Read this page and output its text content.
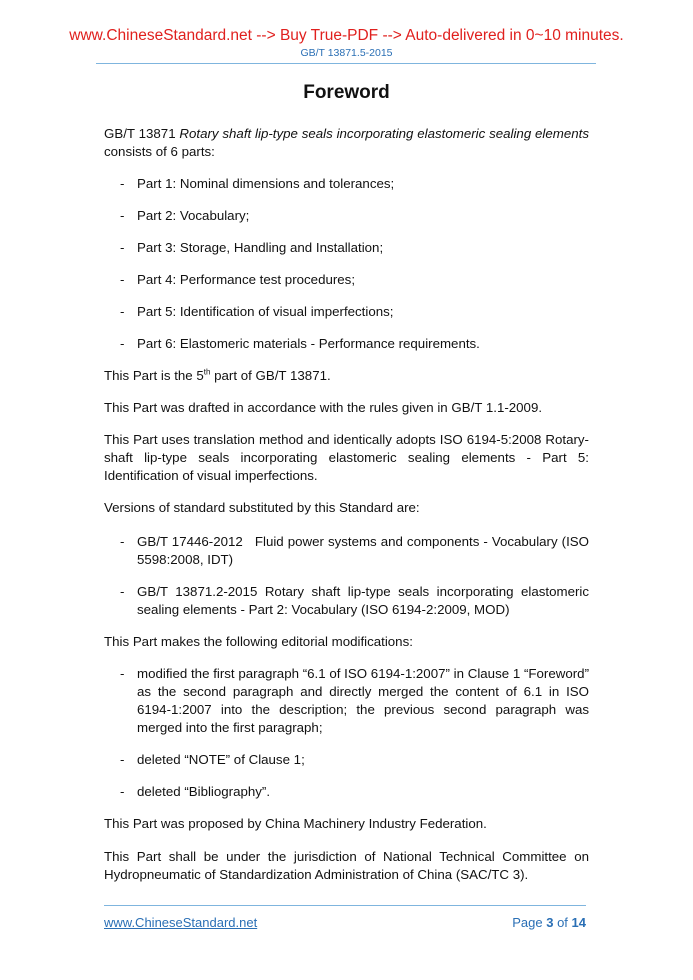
www.ChineseStandard.net --> Buy True-PDF --> Auto-delivered in 0~10 minutes.
GB/T 13871.5-2015
Foreword
GB/T 13871 Rotary shaft lip-type seals incorporating elastomeric sealing elements consists of 6 parts:
- Part 1: Nominal dimensions and tolerances;
- Part 2: Vocabulary;
- Part 3: Storage, Handling and Installation;
- Part 4: Performance test procedures;
- Part 5: Identification of visual imperfections;
- Part 6: Elastomeric materials - Performance requirements.
This Part is the 5th part of GB/T 13871.
This Part was drafted in accordance with the rules given in GB/T 1.1-2009.
This Part uses translation method and identically adopts ISO 6194-5:2008 Rotary-shaft lip-type seals incorporating elastomeric sealing elements - Part 5: Identification of visual imperfections.
Versions of standard substituted by this Standard are:
- GB/T 17446-2012   Fluid power systems and components - Vocabulary (ISO 5598:2008, IDT)
- GB/T 13871.2-2015 Rotary shaft lip-type seals incorporating elastomeric sealing elements - Part 2: Vocabulary (ISO 6194-2:2009, MOD)
This Part makes the following editorial modifications:
- modified the first paragraph “6.1 of ISO 6194-1:2007” in Clause 1 “Foreword” as the second paragraph and directly merged the content of 6.1 in ISO 6194-1:2007 into the description; the previous second paragraph was merged into the first paragraph;
- deleted “NOTE” of Clause 1;
- deleted “Bibliography”.
This Part was proposed by China Machinery Industry Federation.
This Part shall be under the jurisdiction of National Technical Committee on Hydropneumatic of Standardization Administration of China (SAC/TC 3).
www.ChineseStandard.net	Page 3 of 14
